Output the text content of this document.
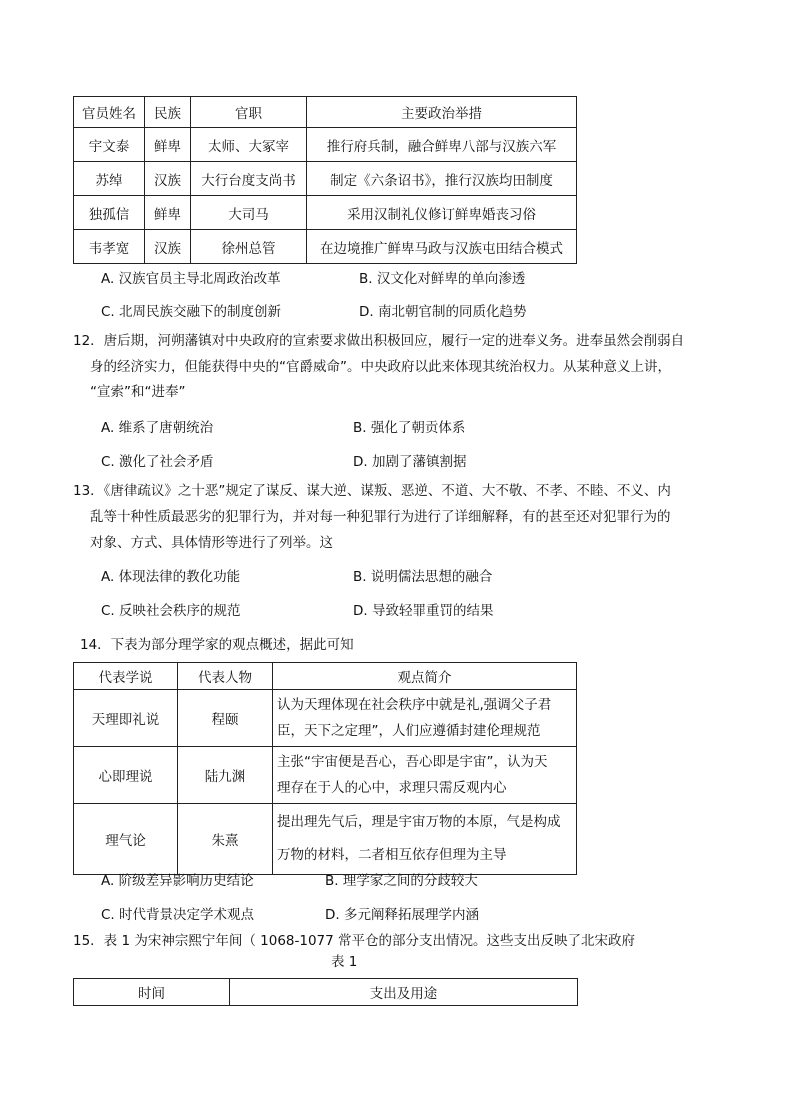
官员姓名	民族	官职	主要政治举措
宇文泰	鲜卑	太师、大冢宰	推行府兵制，融合鲜卑八部与汉族六军
苏绰	汉族	大行台度支尚书	制定《六条诏书》，推行汉族均田制度
独孤信	鲜卑	大司马	采用汉制礼仪修订鲜卑婚丧习俗
韦孝宽	汉族	徐州总管	在边境推广鲜卑马政与汉族屯田结合模式
A. 汉族官员主导北周政治改革	B. 汉文化对鲜卑的单向渗透
C. 北周民族交融下的制度创新	D. 南北朝官制的同质化趋势
12．唐后期，河朔藩镇对中央政府的宣索要求做出积极回应，履行一定的进奉义务。进奉虽然会削弱自
身的经济实力，但能获得中央的“官爵威命”。中央政府以此来体现其统治权力。从某种意义上讲，
“宣索”和“进奉”
A. 维系了唐朝统治	B. 强化了朝贡体系
C. 激化了社会矛盾	D. 加剧了藩镇割据
13．《唐律疏议》之十恶”规定了谋反、谋大逆、谋叛、恶逆、不道、大不敬、不孝、不睦、不义、内
乱等十种性质最恶劣的犯罪行为，并对每一种犯罪行为进行了详细解释，有的甚至还对犯罪行为的
对象、方式、具体情形等进行了列举。这
A. 体现法律的教化功能	B. 说明儒法思想的融合
C. 反映社会秩序的规范	D. 导致轻罪重罚的结果
14．下表为部分理学家的观点概述，据此可知
代表学说	代表人物	观点简介
天理即礼说	程颐	认为天理体现在社会秩序中就是礼,强调父子君
臣，天下之定理”，人们应遵循封建伦理规范

心即理说	陆九渊	主张“宇宙便是吾心，吾心即是宇宙”，认为天
理存在于人的心中，求理只需反观内心

理气论	朱熹	提出理先气后，理是宇宙万物的本原，气是构成
万物的材料，二者相互依存但理为主导
A. 阶级差异影响历史结论	B. 理学家之间的分歧较大
C. 时代背景决定学术观点	D. 多元阐释拓展理学内涵
15．表 1 为宋神宗熙宁年间（ 1068-1077 常平仓的部分支出情况。这些支出反映了北宋政府
表 1
时间	支出及用途
